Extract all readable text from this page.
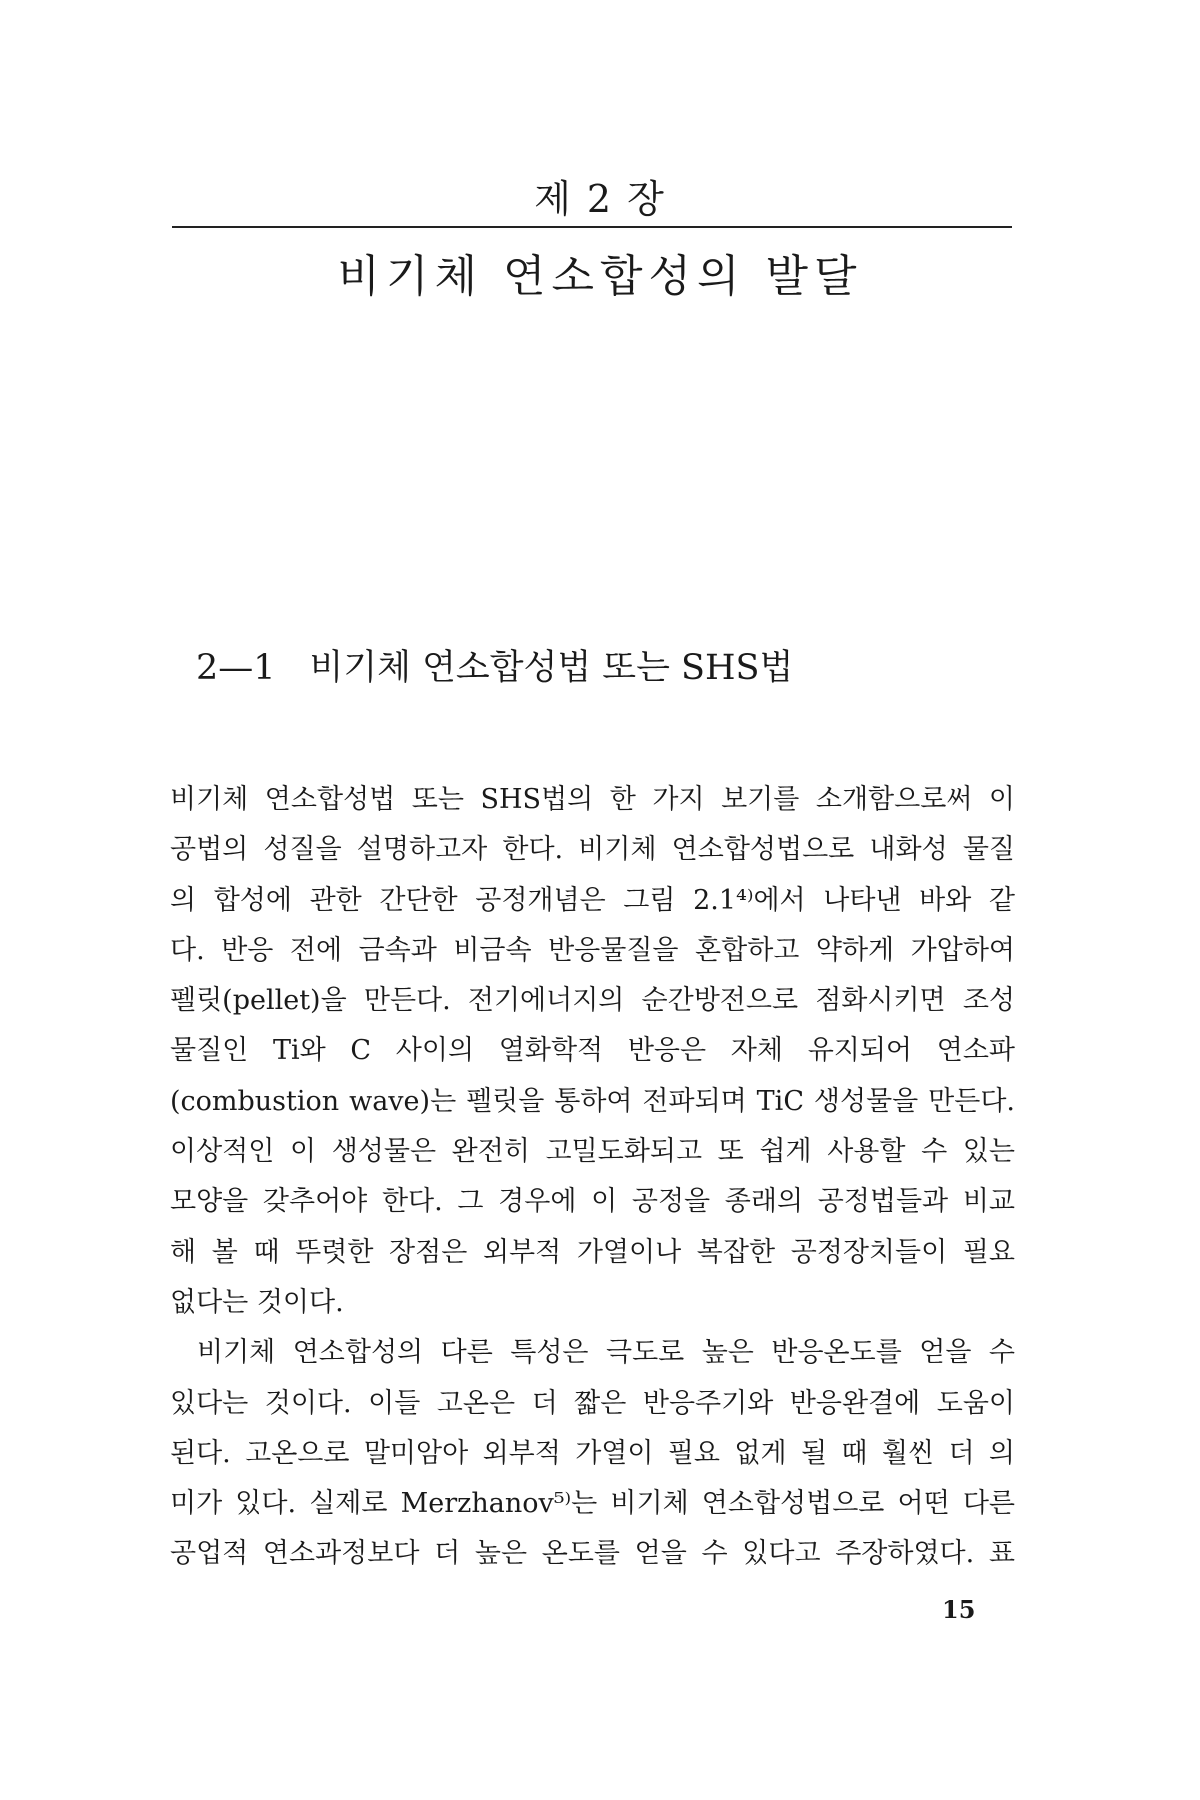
제 2 장
비기체 연소합성의 발달
2—1 비기체 연소합성법 또는 SHS법
비기체 연소합성법 또는 SHS법의 한 가지 보기를 소개함으로써 이
공법의 성질을 설명하고자 한다. 비기체 연소합성법으로 내화성 물질
의 합성에 관한 간단한 공정개념은 그림 2.1⁴⁾에서 나타낸 바와 같
다. 반응 전에 금속과 비금속 반응물질을 혼합하고 약하게 가압하여
펠릿(pellet)을 만든다. 전기에너지의 순간방전으로 점화시키면 조성
물질인 Ti와 C 사이의 열화학적 반응은 자체 유지되어 연소파
(combustion wave)는 펠릿을 통하여 전파되며 TiC 생성물을 만든다.
이상적인 이 생성물은 완전히 고밀도화되고 또 쉽게 사용할 수 있는
모양을 갖추어야 한다. 그 경우에 이 공정을 종래의 공정법들과 비교
해 볼 때 뚜렷한 장점은 외부적 가열이나 복잡한 공정장치들이 필요
없다는 것이다.
비기체 연소합성의 다른 특성은 극도로 높은 반응온도를 얻을 수
있다는 것이다. 이들 고온은 더 짧은 반응주기와 반응완결에 도움이
된다. 고온으로 말미암아 외부적 가열이 필요 없게 될 때 훨씬 더 의
미가 있다. 실제로 Merzhanov⁵⁾는 비기체 연소합성법으로 어떤 다른
공업적 연소과정보다 더 높은 온도를 얻을 수 있다고 주장하였다. 표
15
